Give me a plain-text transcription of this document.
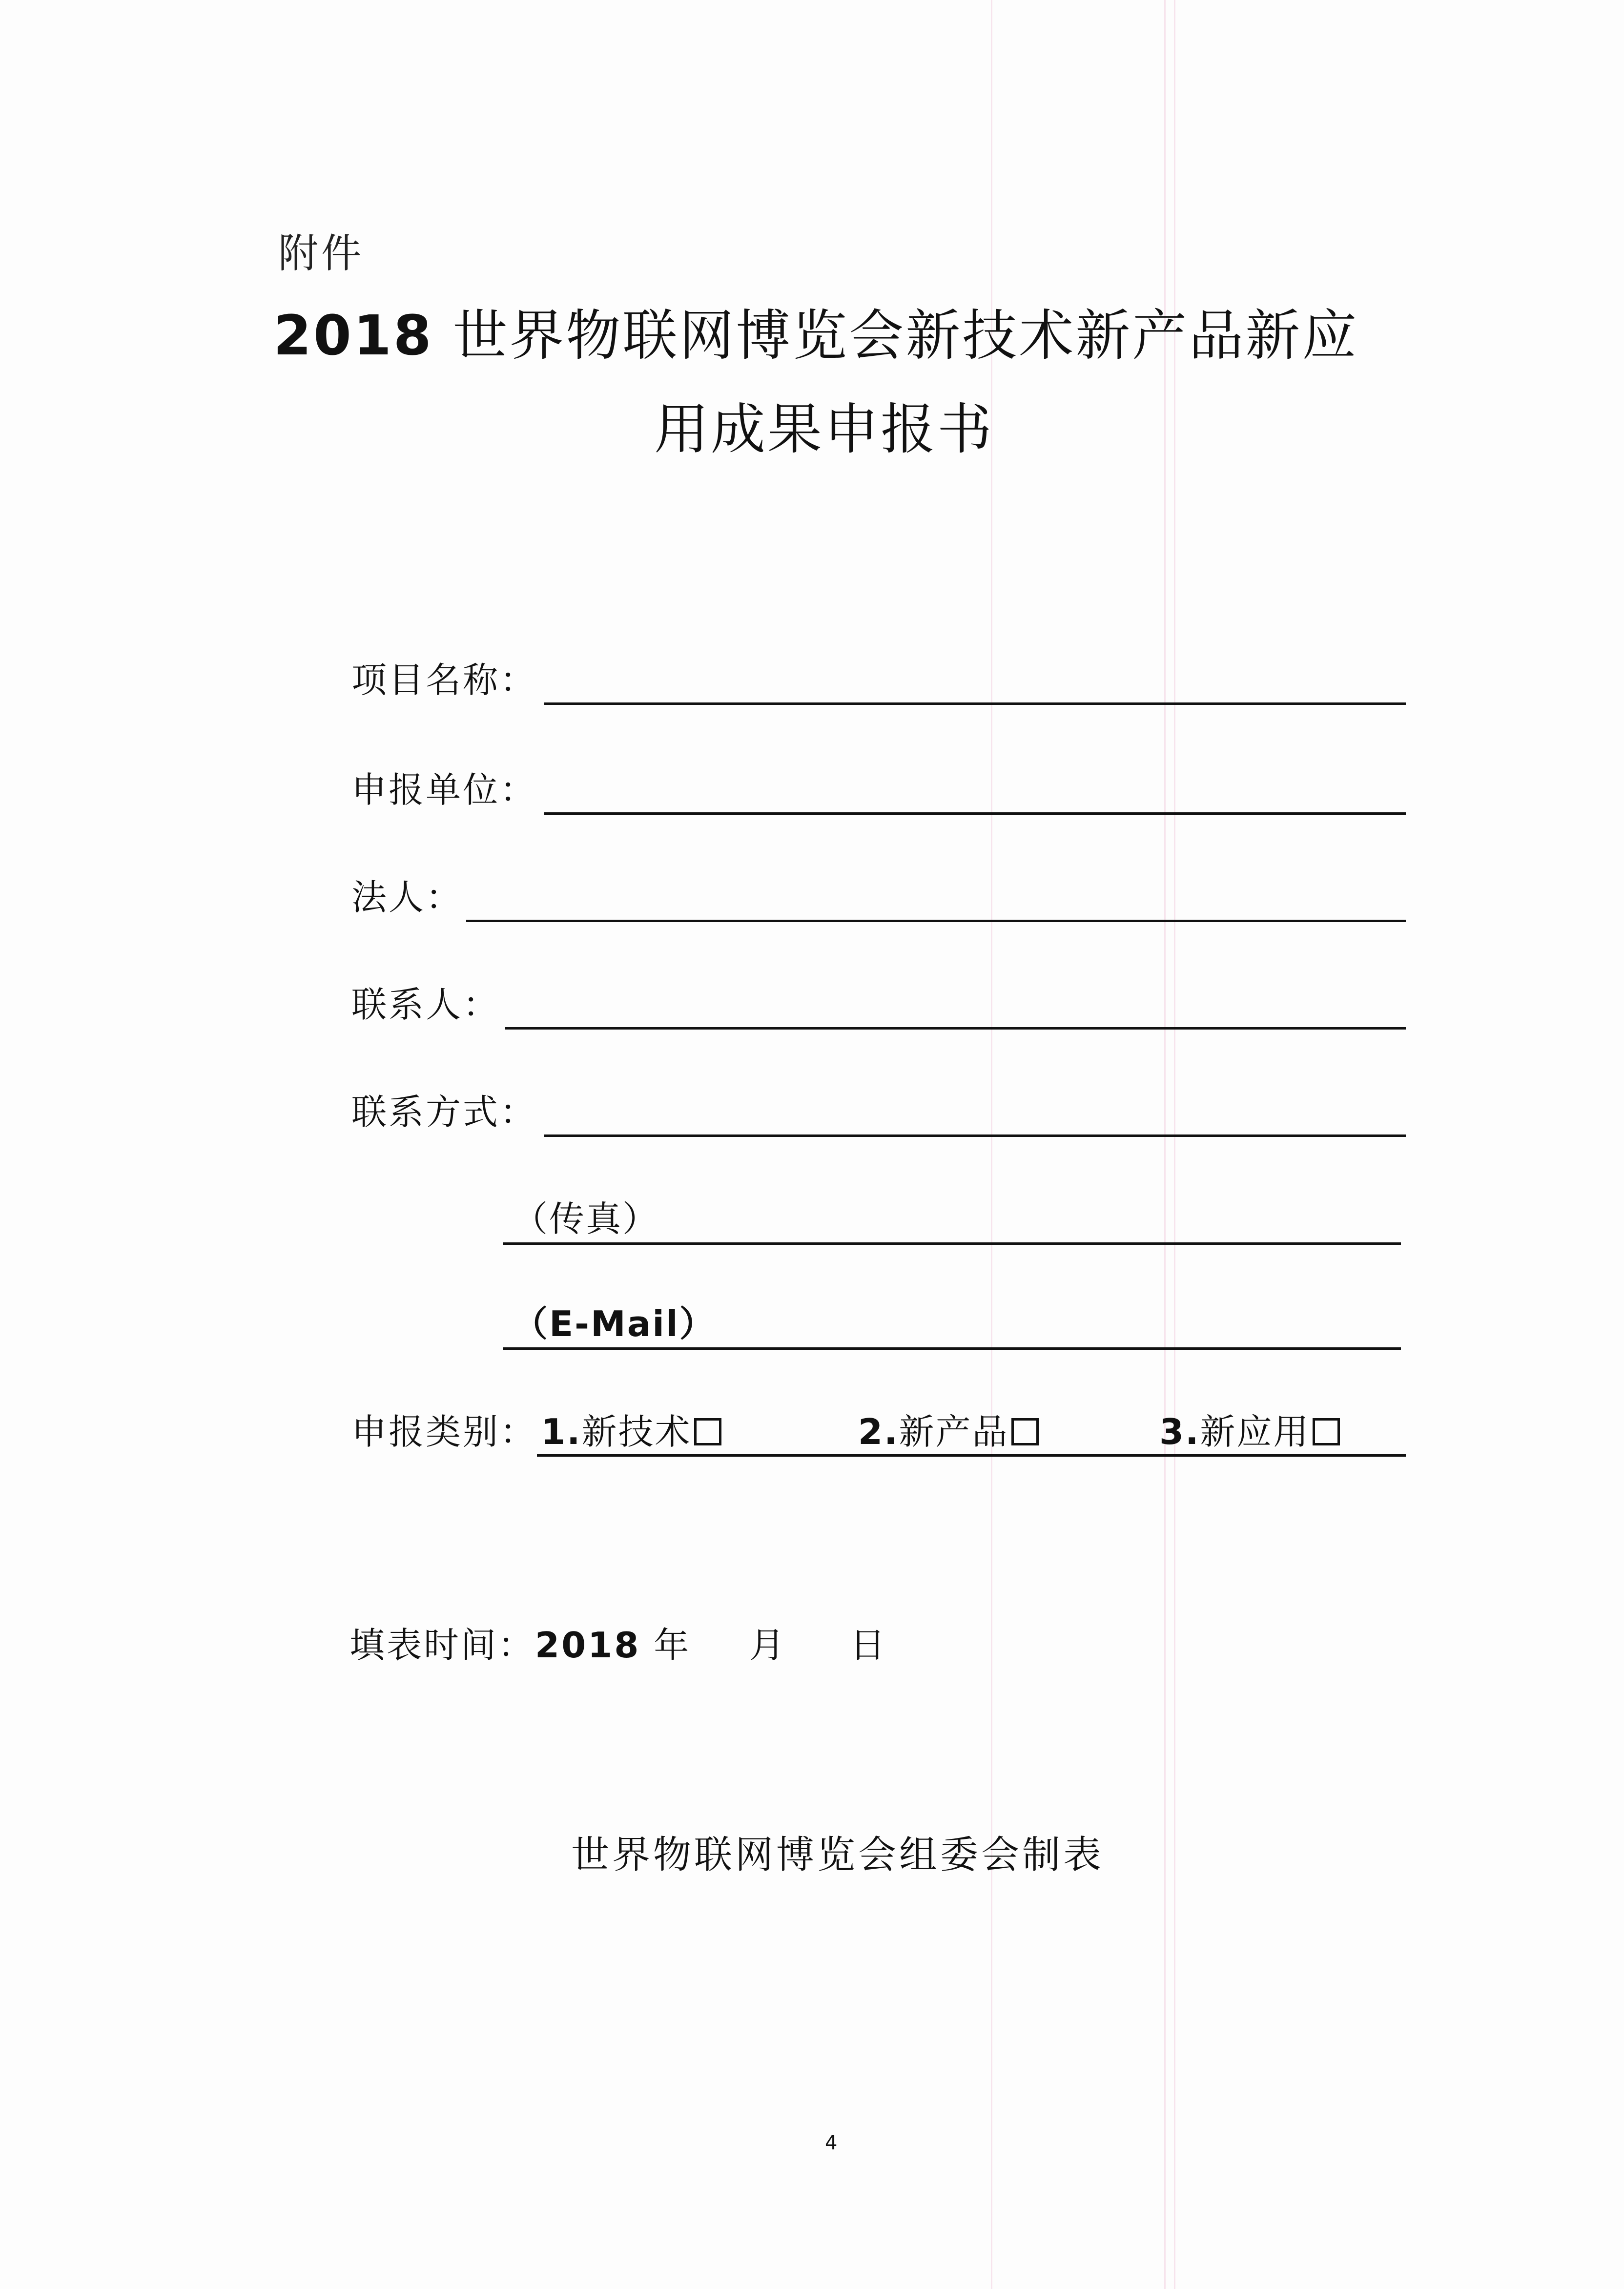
附件
2018 世界物联网博览会新技术新产品新应
用成果申报书
项目名称：
申报单位：
法人：
联系人：
联系方式：
（传真）
（E-Mail）
申报类别： 1. 新技术	2. 新产品	3. 新应用
填表时间：2018 年 月 日
世界物联网博览会组委会制表
4
